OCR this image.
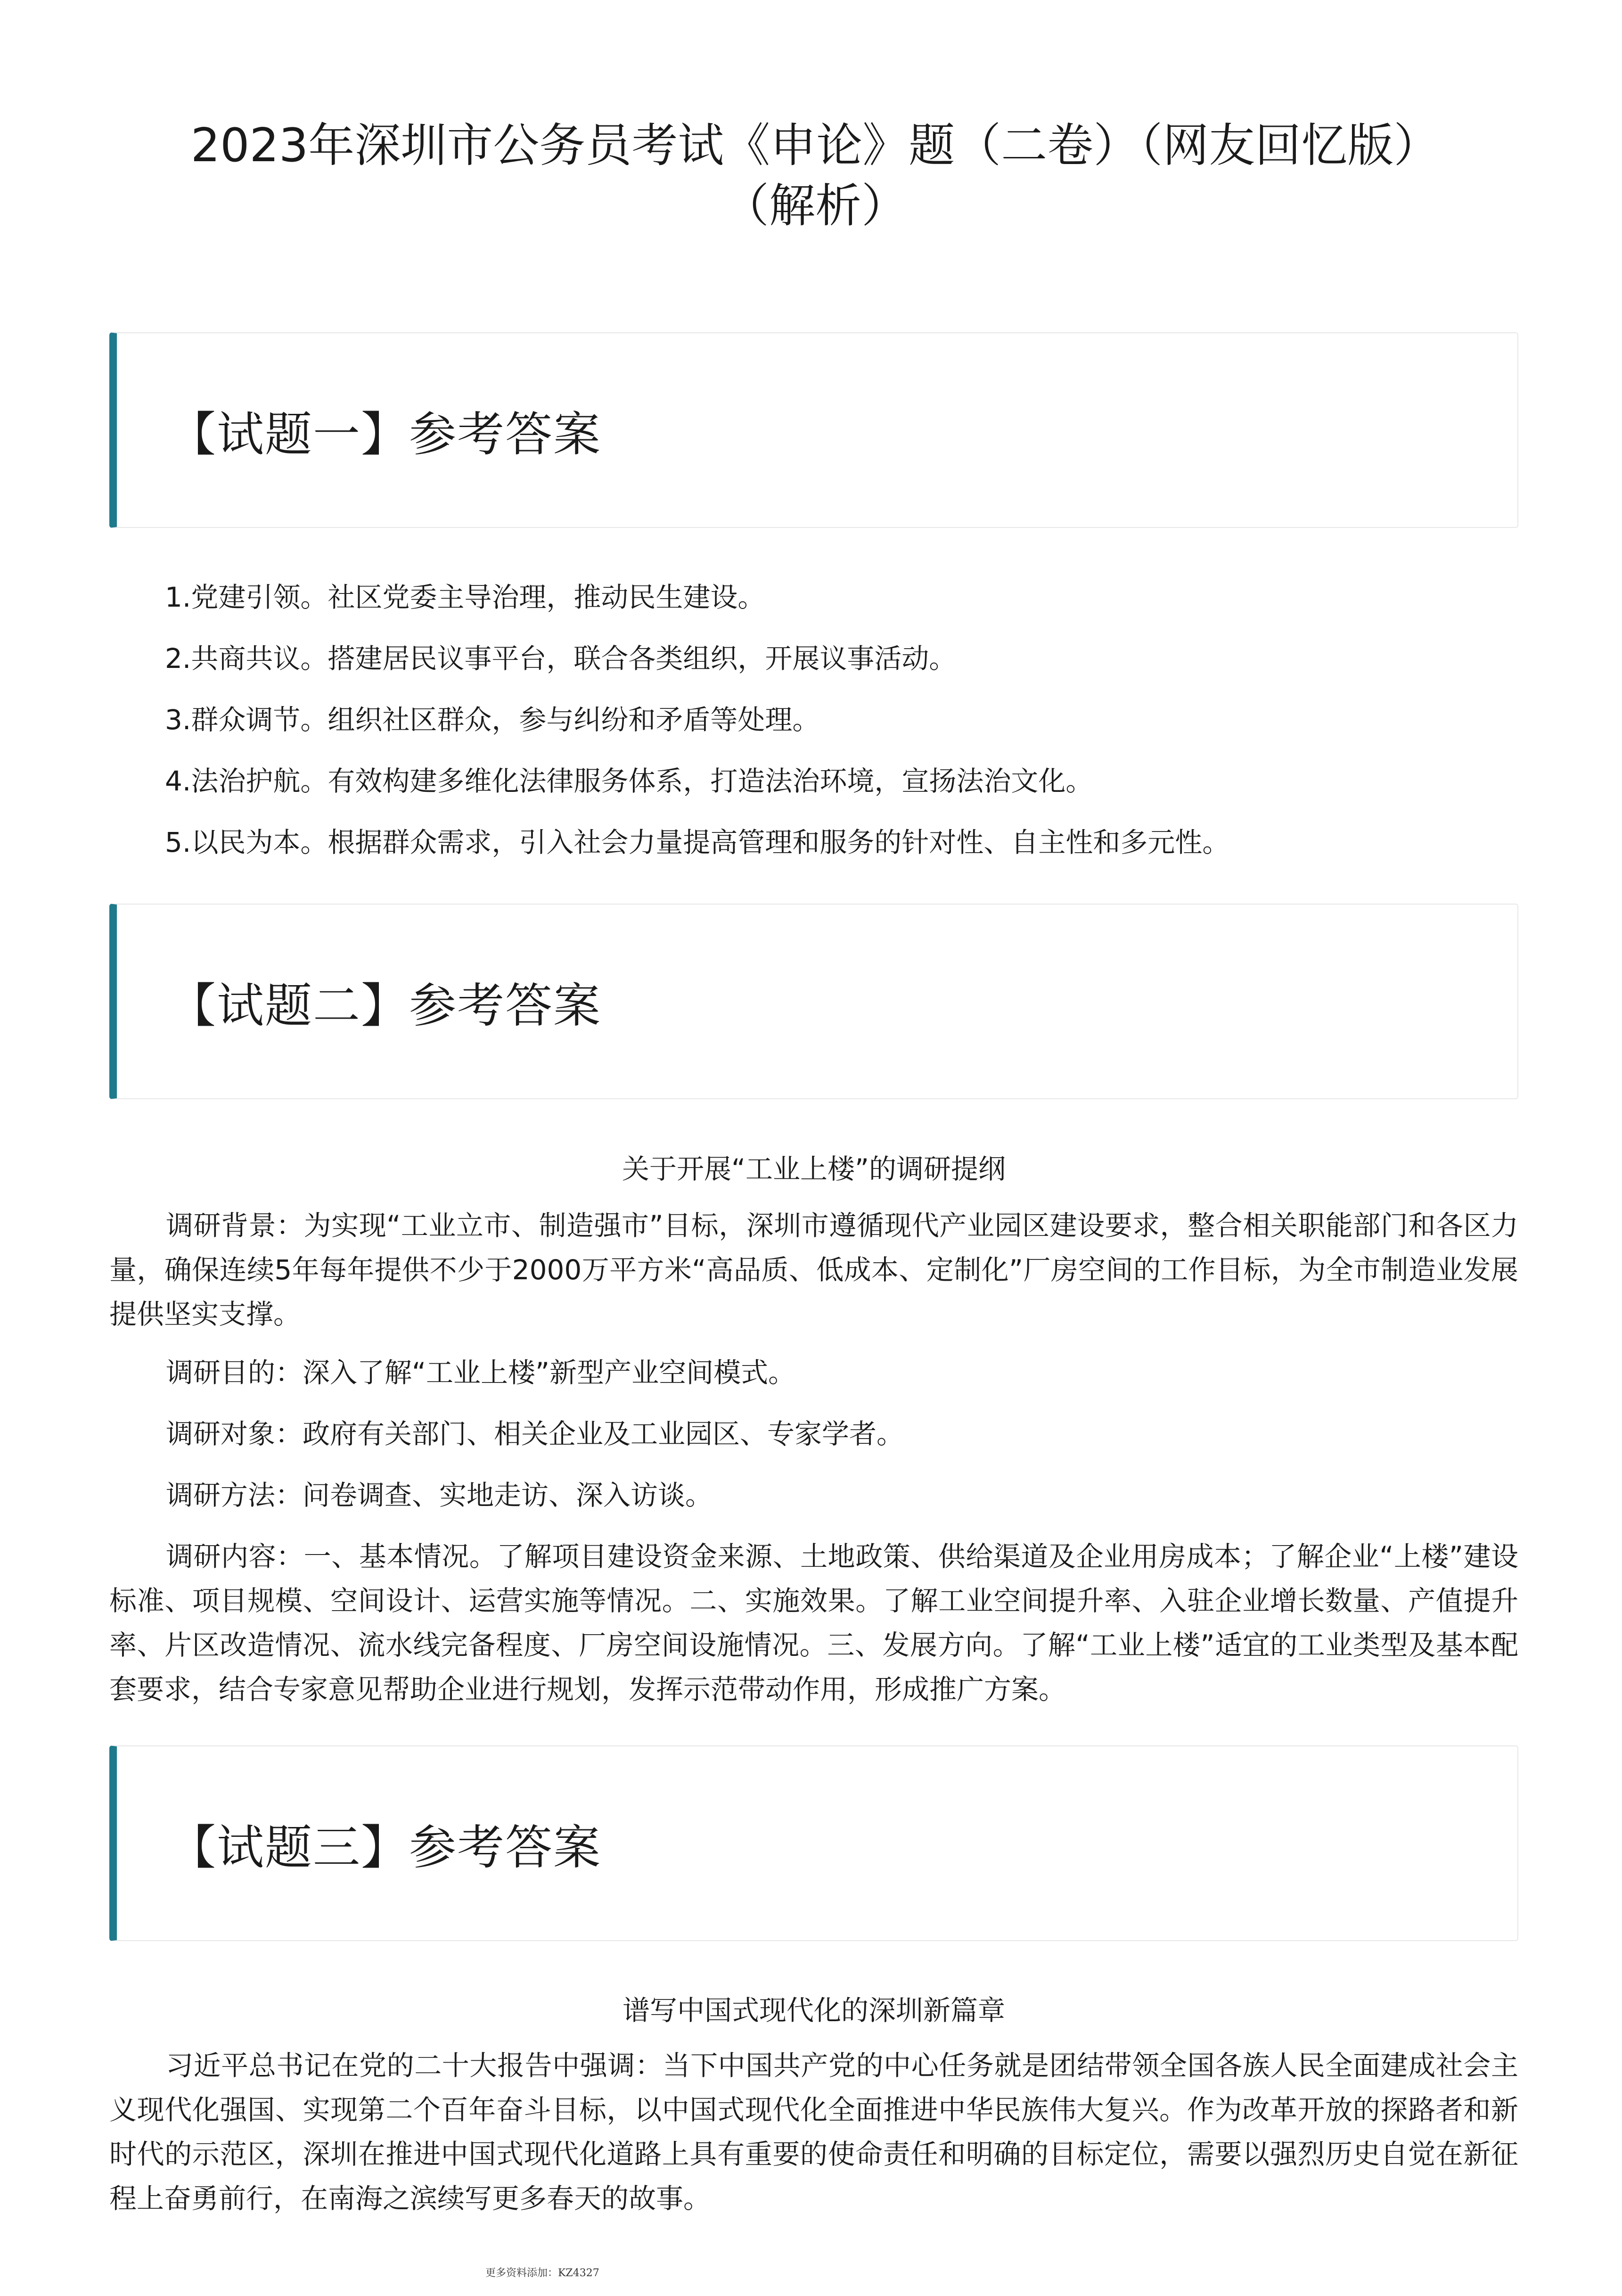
2023年深圳市公务员考试《申论》题（二卷）（网友回忆版）
（解析）
【试题一】参考答案
1.党建引领。社区党委主导治理，推动民生建设。
2.共商共议。搭建居民议事平台，联合各类组织，开展议事活动。
3.群众调节。组织社区群众，参与纠纷和矛盾等处理。
4.法治护航。有效构建多维化法律服务体系，打造法治环境，宣扬法治文化。
5.以民为本。根据群众需求，引入社会力量提高管理和服务的针对性、自主性和多元性。
【试题二】参考答案

关于开展“工业上楼”的调研提纲

调研背景：为实现“工业立市、制造强市”目标，深圳市遵循现代产业园区建设要求，整合相关职能部门和各区力量，确保连续5年每年提供不少于2000万平方米“高品质、低成本、定制化”厂房空间的工作目标，为全市制造业发展提供坚实支撑。

调研目的：深入了解“工业上楼”新型产业空间模式。

调研对象：政府有关部门、相关企业及工业园区、专家学者。

调研方法：问卷调查、实地走访、深入访谈。

调研内容：一、基本情况。了解项目建设资金来源、土地政策、供给渠道及企业用房成本；了解企业“上楼”建设标准、项目规模、空间设计、运营实施等情况。二、实施效果。了解工业空间提升率、入驻企业增长数量、产值提升率、片区改造情况、流水线完备程度、厂房空间设施情况。三、发展方向。了解“工业上楼”适宜的工业类型及基本配套要求，结合专家意见帮助企业进行规划，发挥示范带动作用，形成推广方案。

【试题三】参考答案

谱写中国式现代化的深圳新篇章

习近平总书记在党的二十大报告中强调：当下中国共产党的中心任务就是团结带领全国各族人民全面建成社会主义现代化强国、实现第二个百年奋斗目标，以中国式现代化全面推进中华民族伟大复兴。作为改革开放的探路者和新时代的示范区，深圳在推进中国式现代化道路上具有重要的使命责任和明确的目标定位，需要以强烈历史自觉在新征程上奋勇前行，在南海之滨续写更多春天的故事。

更多资料添加：KZ4327
